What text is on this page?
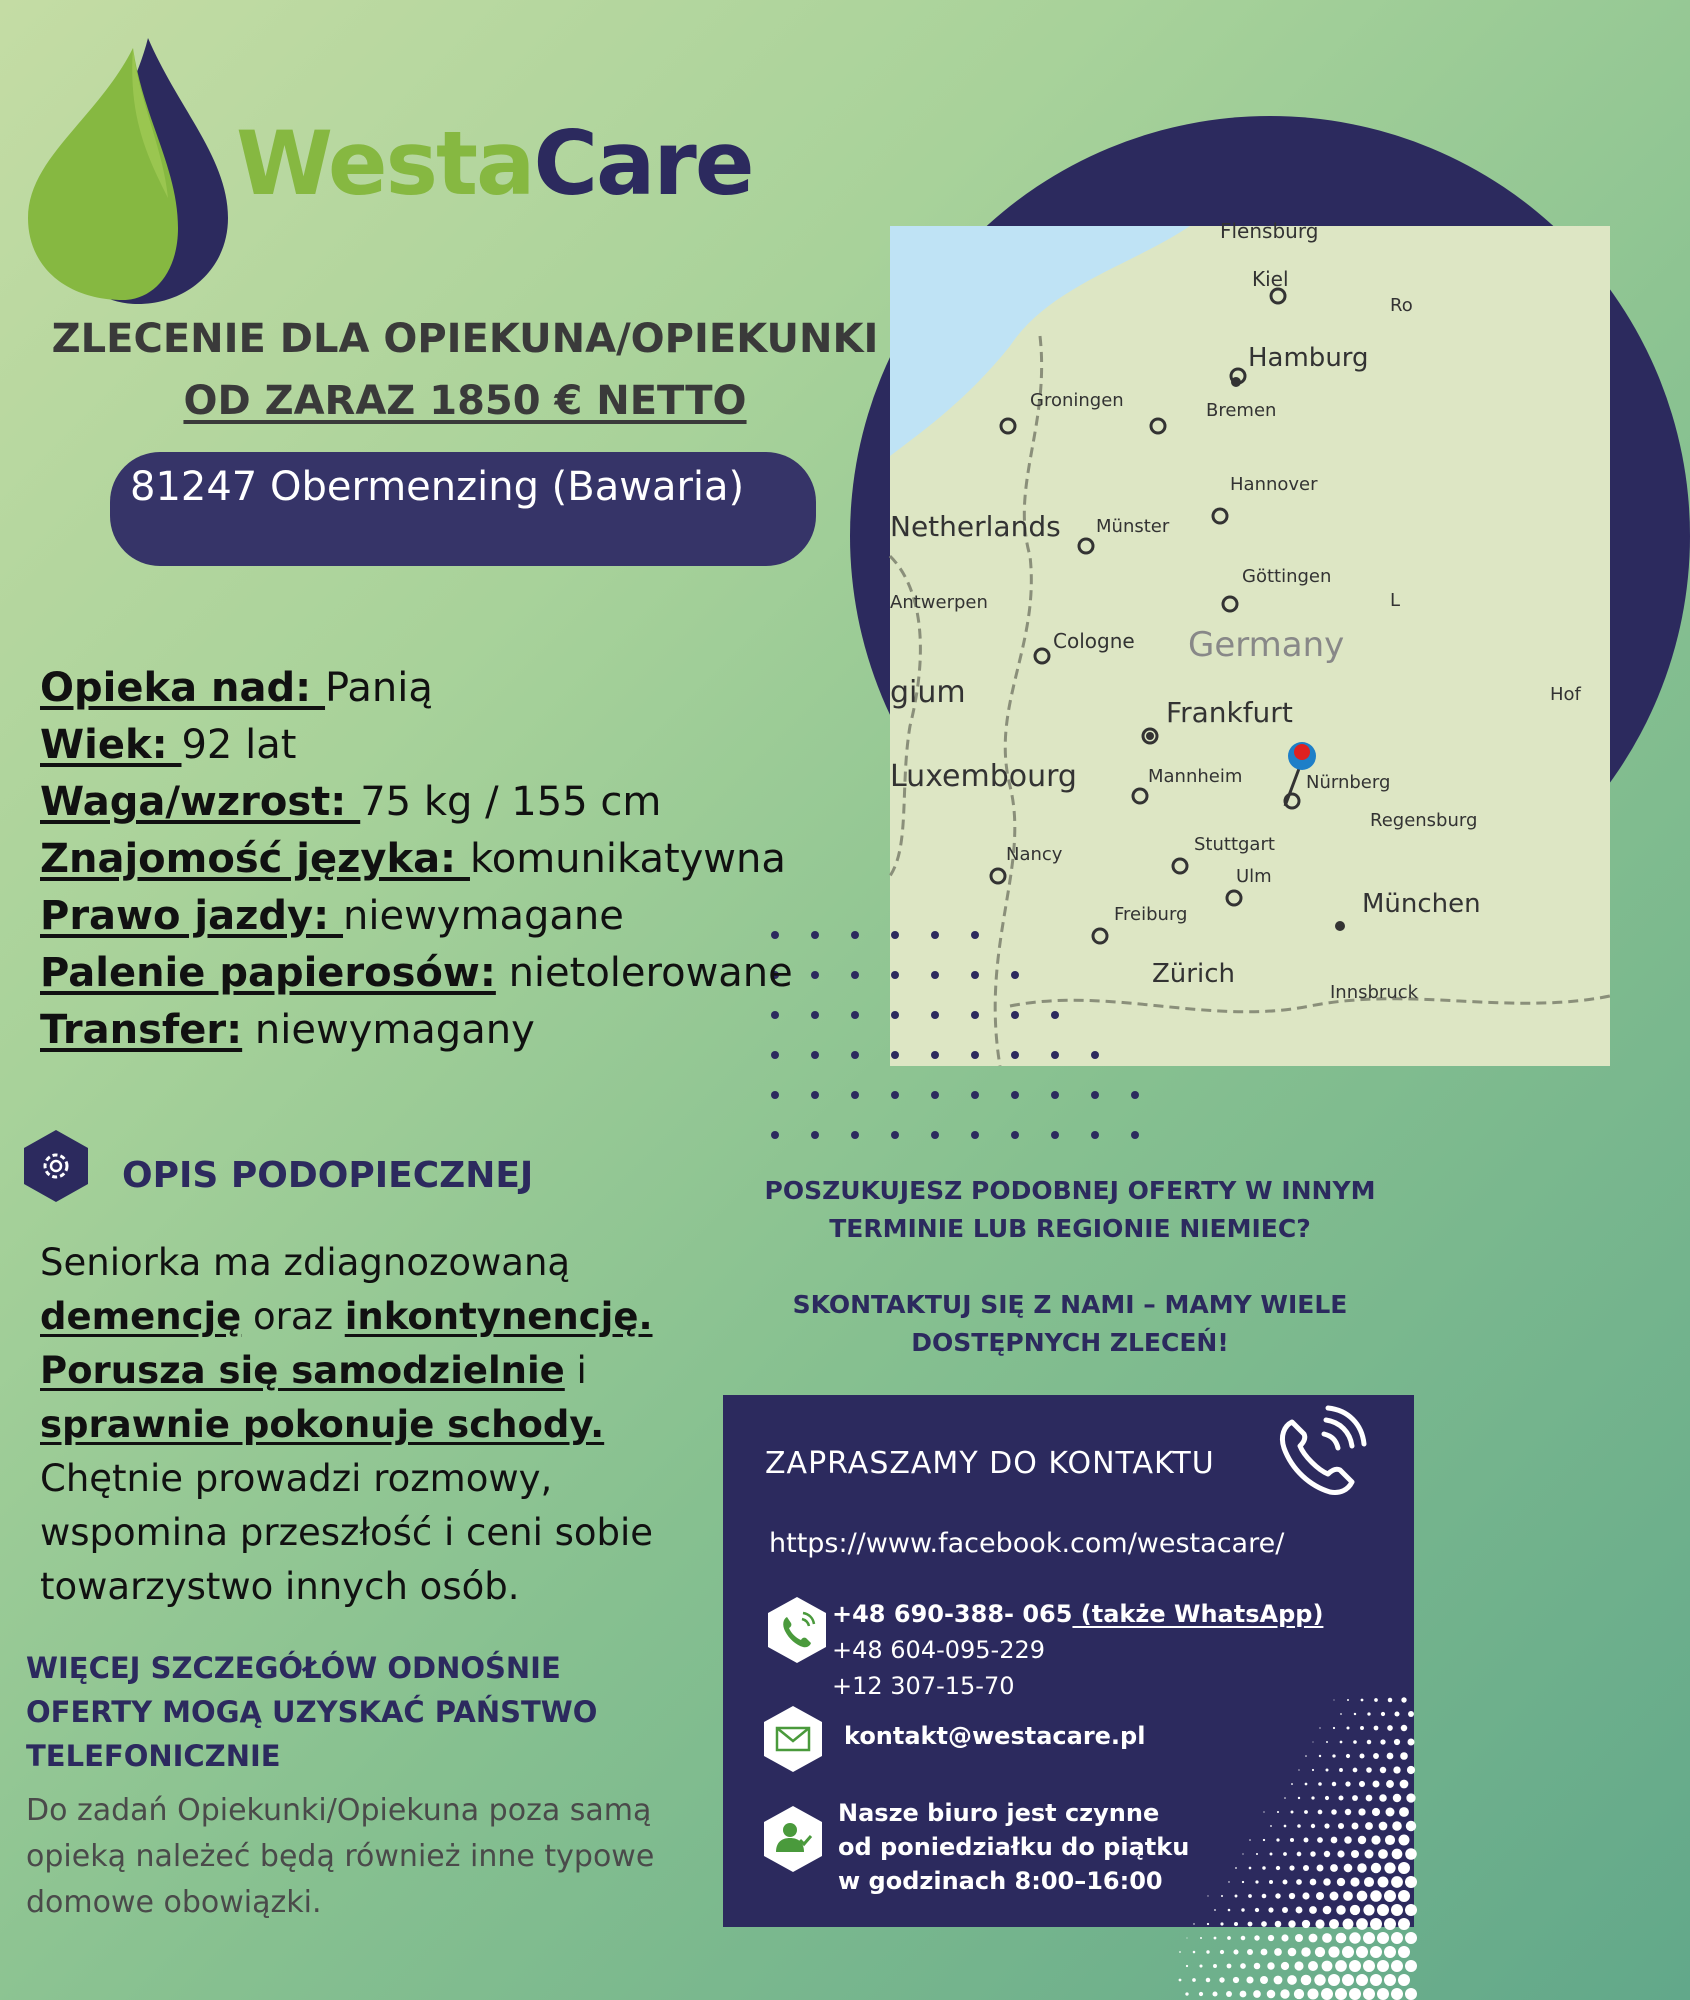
WestaCare
ZLECENIE DLA OPIEKUNA/OPIEKUNKI
OD ZARAZ 1850 € NETTO
81247 Obermenzing (Bawaria)
Flensburg
Kiel
Hamburg
Groningen	Bremen
Netherlands Münster
Hannover
Göttingen
Antwerpen
Cologne Germany
gium
Frankfurt
Luxembourg	Mannheim	Nürnberg
Hof
Nancy	Stuttgart
Ulm
München
Freiburg
Zürich
Innsbruck
Regensburg
Ro
L
Opieka nad: Panią
Wiek: 92 lat
Waga/wzrost: 75 kg / 155 cm
Znajomość języka: komunikatywna
Prawo jazdy: niewymagane
Palenie papierosów: nietolerowane
Transfer: niewymagany
OPIS PODOPIECZNEJ
Seniorka ma zdiagnozowaną demencję oraz inkontynencję.
Porusza się samodzielnie i
sprawnie pokonuje schody.
Chętnie prowadzi rozmowy, wspomina przeszłość i ceni sobie towarzystwo innych osób.
WIĘCEJ SZCZEGÓŁÓW ODNOŚNIE OFERTY MOGĄ UZYSKAĆ PAŃSTWO TELEFONICZNIE
Do zadań Opiekunki/Opiekuna poza samą opieką należeć będą również inne typowe domowe obowiązki.
POSZUKUJESZ PODOBNEJ OFERTY W INNYM TERMINIE LUB REGIONIE NIEMIEC?
SKONTAKTUJ SIĘ Z NAMI – MAMY WIELE DOSTĘPNYCH ZLECEŃ!
ZAPRASZAMY DO KONTAKTU
https://www.facebook.com/westacare/
+48 690-388- 065 (także WhatsApp)
+48 604-095-229
+12 307-15-70
kontakt@westacare.pl
Nasze biuro jest czynne od poniedziałku do piątku w godzinach 8:00–16:00
